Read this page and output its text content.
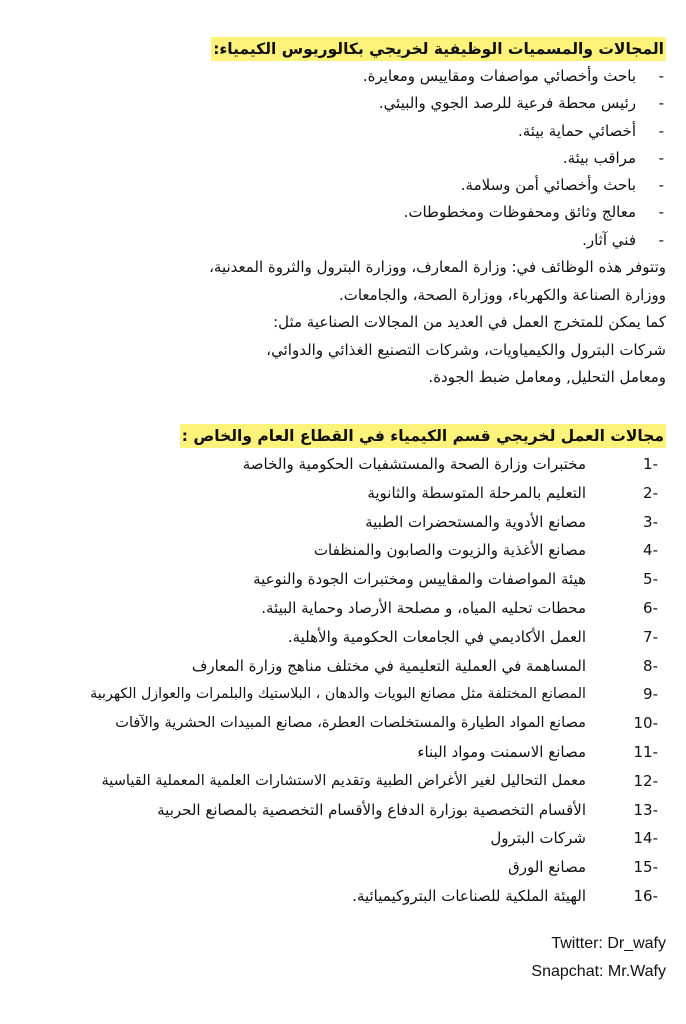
المجالات والمسميات الوظيفية لخريجي بكالوريوس الكيمياء:
-
باحث وأخصائي مواصفات ومقاييس ومعايرة.
-
رئيس محطة فرعية للرصد الجوي والبيئي.
-
أخصائي حماية بيئة.
-
مراقب بيئة.
-
باحث وأخصائي أمن وسلامة.
-
معالج وثائق ومحفوظات ومخطوطات.
-
فني آثار.

وتتوفر هذه الوظائف في: وزارة المعارف، ووزارة البترول والثروة المعدنية،

ووزارة الصناعة والكهرباء، ووزارة الصحة، والجامعات.

كما يمكن للمتخرج العمل في العديد من المجالات الصناعية مثل:

شركات البترول والكيمياويات، وشركات التصنيع الغذائي والدوائي،

ومعامل التحليل, ومعامل ضبط الجودة.

مجالات العمل لخريجي قسم الكيمياء في القطاع العام والخاص :
1-
مختبرات وزارة الصحة والمستشفيات الحكومية والخاصة
2-
التعليم بالمرحلة المتوسطة والثانوية
3-
مصانع الأدوية والمستحضرات الطبية
4-
مصانع الأغذية والزيوت والصابون والمنظفات
5-
هيئة المواصفات والمقاييس ومختبرات الجودة والنوعية
6-
محطات تحليه المياه، و مصلحة الأرصاد وحماية البيئة.
7-
العمل الأكاديمي في الجامعات الحكومية والأهلية.
8-
المساهمة في العملية التعليمية في مختلف مناهج وزارة المعارف
9-
المصانع المختلفة مثل مصانع البويات والدهان ، البلاستيك والبلمرات والعوازل الكهربية
10-
مصانع المواد الطيارة والمستخلصات العطرة، مصانع المبيدات الحشرية والآفات
11-
مصانع الاسمنت ومواد البناء
12-
معمل التحاليل لغير الأغراض الطبية وتقديم الاستشارات العلمية المعملية القياسية
13-
الأقسام التخصصية بوزارة الدفاع والأقسام التخصصية بالمصانع الحربية
14-
شركات البترول
15-
مصانع الورق
16-
الهيئة الملكية للصناعات البتروكيميائية.
Twitter: Dr_wafy
Snapchat: Mr.Wafy
